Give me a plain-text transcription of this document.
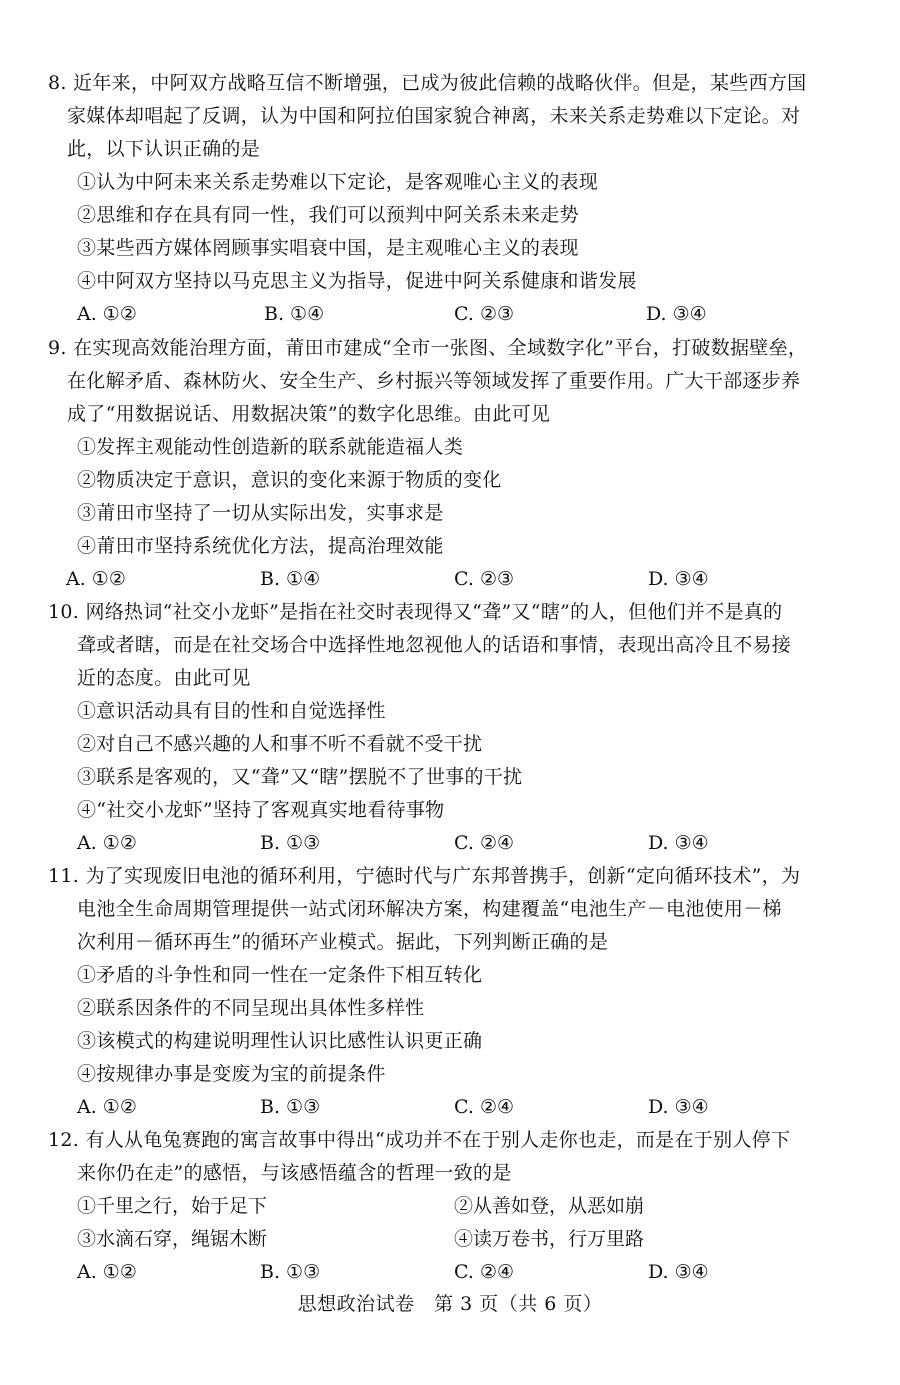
8. 近年来，中阿双方战略互信不断增强，已成为彼此信赖的战略伙伴。但是，某些西方国
家媒体却唱起了反调，认为中国和阿拉伯国家貌合神离，未来关系走势难以下定论。对
此，以下认识正确的是
①认为中阿未来关系走势难以下定论，是客观唯心主义的表现
②思维和存在具有同一性，我们可以预判中阿关系未来走势
③某些西方媒体罔顾事实唱衰中国，是主观唯心主义的表现
④中阿双方坚持以马克思主义为指导，促进中阿关系健康和谐发展
A. ①②	B. ①④	C. ②③	D. ③④
9. 在实现高效能治理方面，莆田市建成“全市一张图、全域数字化”平台，打破数据壁垒，
在化解矛盾、森林防火、安全生产、乡村振兴等领域发挥了重要作用。广大干部逐步养
成了“用数据说话、用数据决策”的数字化思维。由此可见
①发挥主观能动性创造新的联系就能造福人类
②物质决定于意识，意识的变化来源于物质的变化
③莆田市坚持了一切从实际出发，实事求是
④莆田市坚持系统优化方法，提高治理效能
A. ①②	B. ①④	C. ②③	D. ③④
10. 网络热词“社交小龙虾”是指在社交时表现得又“聋”又“瞎”的人，但他们并不是真的
聋或者瞎，而是在社交场合中选择性地忽视他人的话语和事情，表现出高冷且不易接
近的态度。由此可见
①意识活动具有目的性和自觉选择性
②对自己不感兴趣的人和事不听不看就不受干扰
③联系是客观的，又“聋”又“瞎”摆脱不了世事的干扰
④“社交小龙虾”坚持了客观真实地看待事物
A. ①②	B. ①③	C. ②④	D. ③④
11. 为了实现废旧电池的循环利用，宁德时代与广东邦普携手，创新“定向循环技术”，为
电池全生命周期管理提供一站式闭环解决方案，构建覆盖“电池生产－电池使用－梯
次利用－循环再生”的循环产业模式。据此，下列判断正确的是
①矛盾的斗争性和同一性在一定条件下相互转化
②联系因条件的不同呈现出具体性多样性
③该模式的构建说明理性认识比感性认识更正确
④按规律办事是变废为宝的前提条件
A. ①②	B. ①③	C. ②④	D. ③④
12. 有人从龟兔赛跑的寓言故事中得出“成功并不在于别人走你也走，而是在于别人停下
来你仍在走”的感悟，与该感悟蕴含的哲理一致的是
①千里之行，始于足下	②从善如登，从恶如崩
③水滴石穿，绳锯木断	④读万卷书，行万里路
A. ①②	B. ①③	C. ②④	D. ③④
思想政治试卷　第 3 页（共 6 页）
